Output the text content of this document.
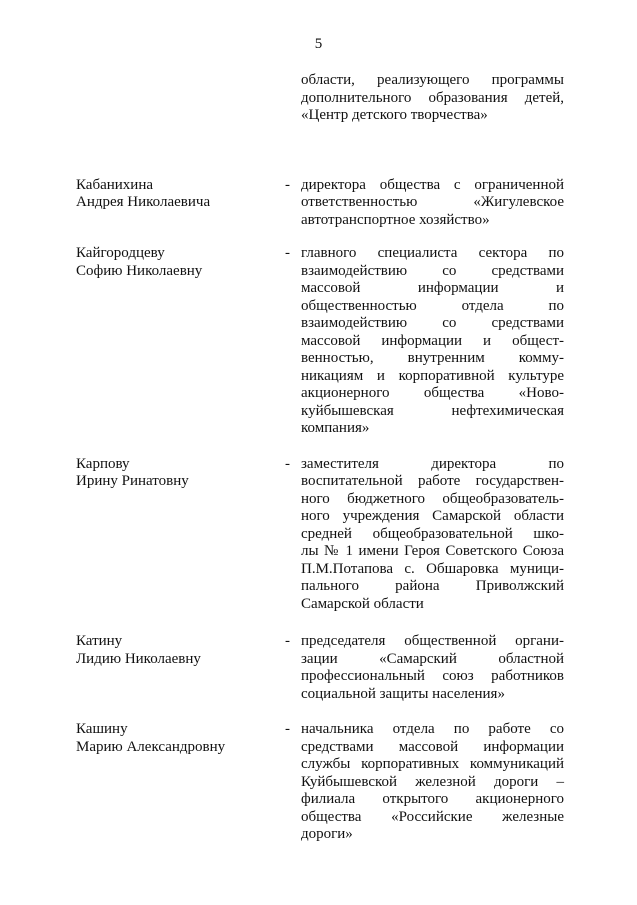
5
области, реализующего программы
дополнительного образования детей,
«Центр детского творчества»
Кабанихина
Андрея Николаевича
- директора общества с ограниченной
ответственностью «Жигулевское
автотранспортное хозяйство»
Кайгородцеву
Софию Николаевну
- главного специалиста сектора по
взаимодействию со средствами
массовой информации и
общественностью отдела по
взаимодействию со средствами
массовой информации и общест-
венностью, внутренним комму-
никациям и корпоративной культуре
акционерного общества «Ново-
куйбышевская нефтехимическая
компания»
Карпову
Ирину Ринатовну
- заместителя директора по
воспитательной работе государствен-
ного бюджетного общеобразователь-
ного учреждения Самарской области
средней общеобразовательной шко-
лы № 1 имени Героя Советского Союза
П.М.Потапова с. Обшаровка муници-
пального района Приволжский
Самарской области
Катину
Лидию Николаевну
- председателя общественной органи-
зации «Самарский областной
профессиональный союз работников
социальной защиты населения»
Кашину
Марию Александровну
- начальника отдела по работе со
средствами массовой информации
службы корпоративных коммуникаций
Куйбышевской железной дороги –
филиала открытого акционерного
общества «Российские железные
дороги»
